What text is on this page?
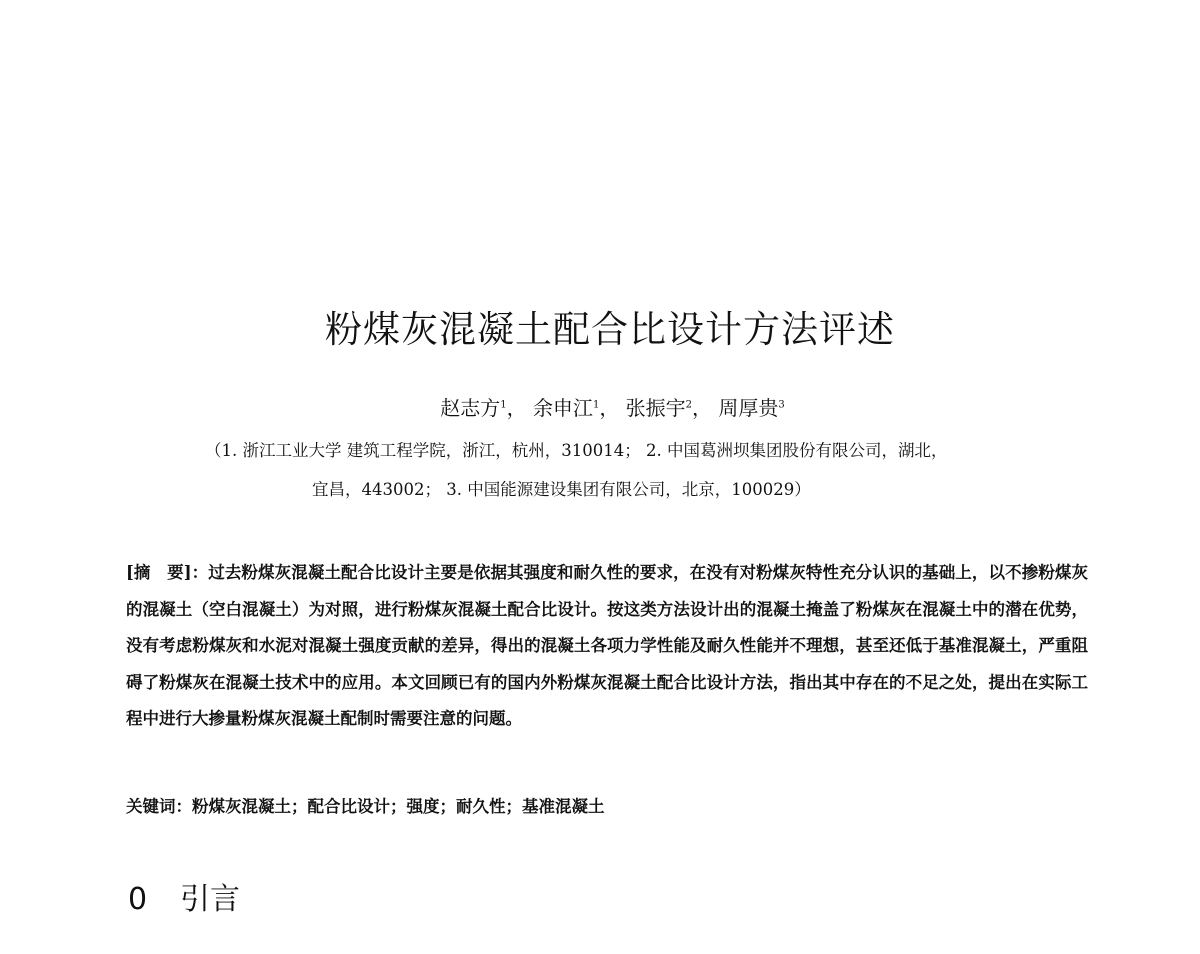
粉煤灰混凝土配合比设计方法评述
赵志方$^1$， 余申江$^1$， 张振宇$^2$， 周厚贵$^3$
（1. 浙江工业大学 建筑工程学院，浙江，杭州，310014； 2. 中国葛洲坝集团股份有限公司，湖北，
宜昌，443002； 3. 中国能源建设集团有限公司，北京，100029）
[摘　要]：过去粉煤灰混凝土配合比设计主要是依据其强度和耐久性的要求，在没有对粉煤灰特性充分认识的基础上，以不掺粉煤灰的混凝土（空白混凝土）为对照，进行粉煤灰混凝土配合比设计。按这类方法设计出的混凝土掩盖了粉煤灰在混凝土中的潜在优势，没有考虑粉煤灰和水泥对混凝土强度贡献的差异，得出的混凝土各项力学性能及耐久性能并不理想，甚至还低于基准混凝土，严重阻碍了粉煤灰在混凝土技术中的应用。本文回顾已有的国内外粉煤灰混凝土配合比设计方法，指出其中存在的不足之处，提出在实际工程中进行大掺量粉煤灰混凝土配制时需要注意的问题。
关键词：粉煤灰混凝土；配合比设计；强度；耐久性；基准混凝土
0 引言
